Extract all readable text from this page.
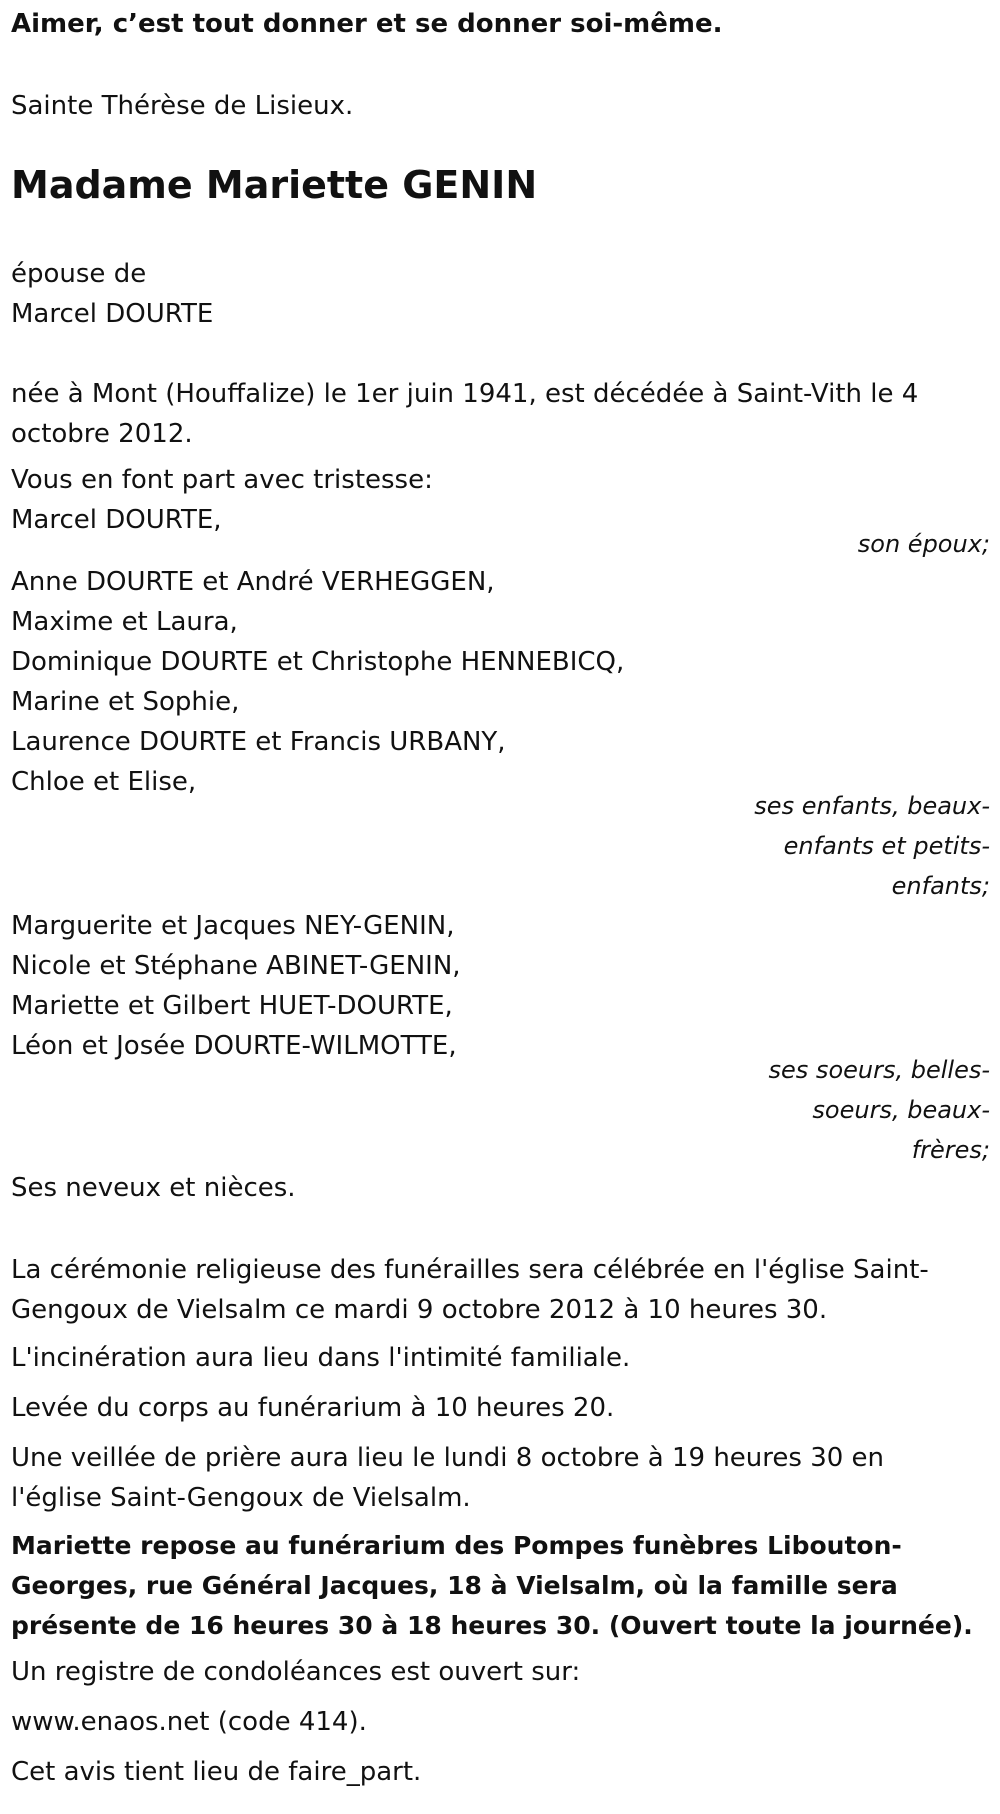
Aimer, c’est tout donner et se donner soi-même.
Sainte Thérèse de Lisieux.
Madame Mariette GENIN
épouse de
Marcel DOURTE
née à Mont (Houffalize) le 1er juin 1941, est décédée à Saint-Vith le 4
octobre 2012.
Vous en font part avec tristesse:
Marcel DOURTE,
son époux;
Anne DOURTE et André VERHEGGEN,
Maxime et Laura,
Dominique DOURTE et Christophe HENNEBICQ,
Marine et Sophie,
Laurence DOURTE et Francis URBANY,
Chloe et Elise,
ses enfants, beaux-
enfants et petits-
enfants;
Marguerite et Jacques NEY-GENIN,
Nicole et Stéphane ABINET-GENIN,
Mariette et Gilbert HUET-DOURTE,
Léon et Josée DOURTE-WILMOTTE,
ses soeurs, belles-
soeurs, beaux-
frères;
Ses neveux et nièces.
La cérémonie religieuse des funérailles sera célébrée en l'église Saint-
Gengoux de Vielsalm ce mardi 9 octobre 2012 à 10 heures 30.
L'incinération aura lieu dans l'intimité familiale.
Levée du corps au funérarium à 10 heures 20.
Une veillée de prière aura lieu le lundi 8 octobre à 19 heures 30 en
l'église Saint-Gengoux de Vielsalm.
Mariette repose au funérarium des Pompes funèbres Libouton-
Georges, rue Général Jacques, 18 à Vielsalm, où la famille sera
présente de 16 heures 30 à 18 heures 30. (Ouvert toute la journée).
Un registre de condoléances est ouvert sur:
www.enaos.net (code 414).
Cet avis tient lieu de faire_part.
